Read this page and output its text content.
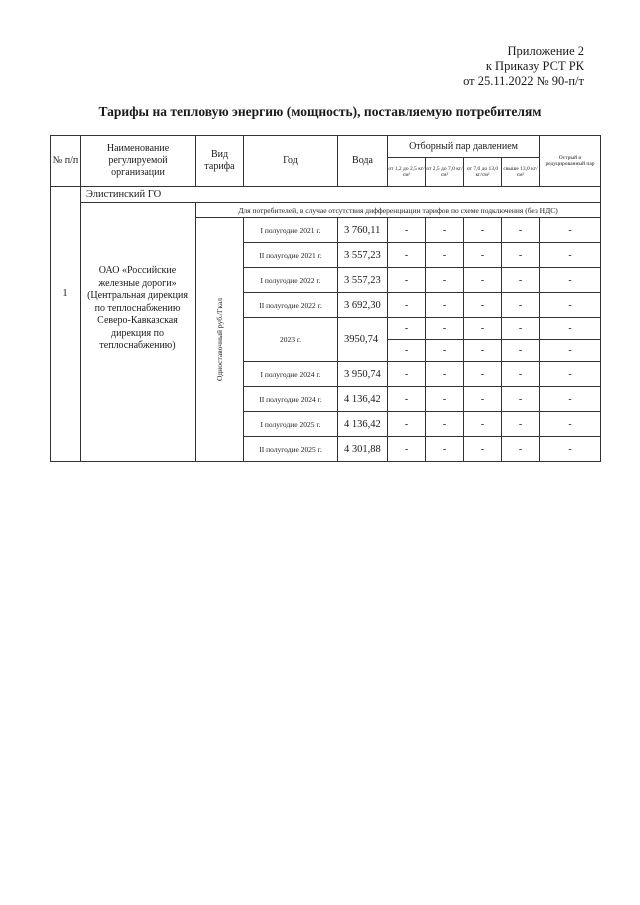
Приложение 2
к Приказу РСТ РК
от 25.11.2022 № 90-п/т
Тарифы на тепловую энергию (мощность), поставляемую потребителям
№ п/п	Наименование регулируемой организации	Вид тарифа	Год	Вода	Отборный пар давлением				Острый и редуцированный пар
					от 1,2 до 2,5 кг/см²	от 2,5 до 7,0 кг/см²	от 7,0 до 13,0 кг/см²	свыше 13,0 кг/см²	
	Элистинский ГО								

		Для потребителей, в случае отсутствия дифференциации тарифов по схеме подключения (без НДС)							

		Одноставочный руб./Гкал	I полугодие 2021 г.	3 760,11	-	-	-	-	-
			II полугодие 2021 г.	3 557,23	-	-	-	-	-
			I полугодие 2022 г.	3 557,23	-	-	-	-	-
			II полугодие 2022 г.	3 692,30	-	-	-	-	-
			2023 г.	3950,74	-	-	-	-	-
					-	-	-	-	-
			I полугодие 2024 г.	3 950,74	-	-	-	-	-
			II полугодие 2024 г.	4 136,42	-	-	-	-	-
			I полугодие 2025 г.	4 136,42	-	-	-	-	-
			II полугодие 2025 г.	4 301,88	-	-	-	-	-
1
ОАО «Российские железные дороги» (Центральная дирекция по теплоснабжению Северо-Кавказская дирекция по теплоснабжению)
